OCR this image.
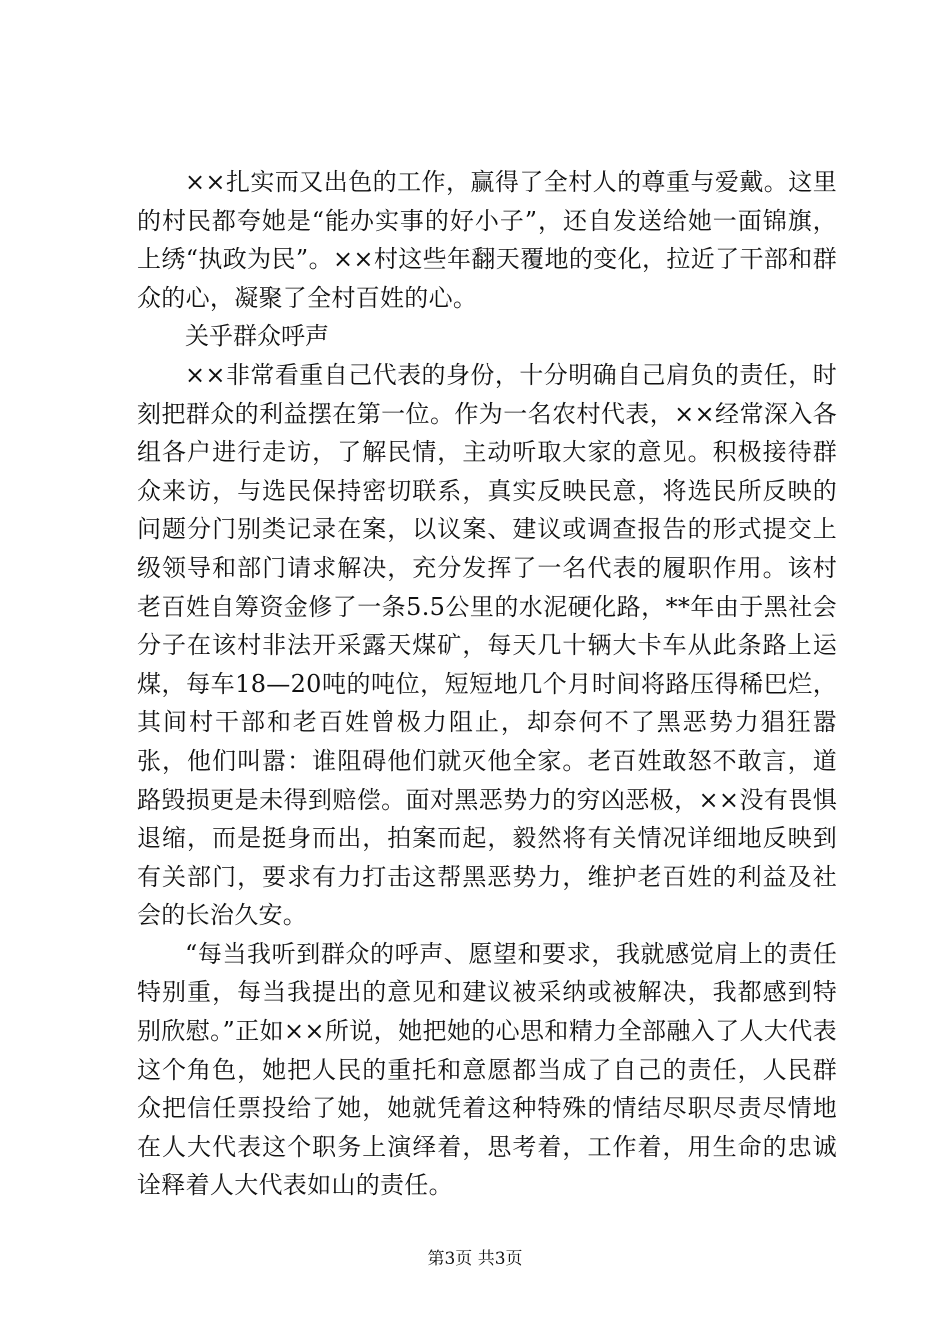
××扎实而又出色的工作，赢得了全村人的尊重与爱戴。这里的村民都夸她是“能办实事的好小子”，还自发送给她一面锦旗，上绣“执政为民”。××村这些年翻天覆地的变化，拉近了干部和群众的心，凝聚了全村百姓的心。

关乎群众呼声

××非常看重自己代表的身份，十分明确自己肩负的责任，时刻把群众的利益摆在第一位。作为一名农村代表，××经常深入各组各户进行走访，了解民情，主动听取大家的意见。积极接待群众来访，与选民保持密切联系，真实反映民意，将选民所反映的问题分门别类记录在案，以议案、建议或调查报告的形式提交上级领导和部门请求解决，充分发挥了一名代表的履职作用。该村老百姓自筹资金修了一条5.5公里的水泥硬化路，**年由于黑社会分子在该村非法开采露天煤矿，每天几十辆大卡车从此条路上运煤，每车18—20吨的吨位，短短地几个月时间将路压得稀巴烂，其间村干部和老百姓曾极力阻止，却奈何不了黑恶势力猖狂嚣张，他们叫嚣：谁阻碍他们就灭他全家。老百姓敢怒不敢言，道路毁损更是未得到赔偿。面对黑恶势力的穷凶恶极，××没有畏惧退缩，而是挺身而出，拍案而起，毅然将有关情况详细地反映到有关部门，要求有力打击这帮黑恶势力，维护老百姓的利益及社会的长治久安。

“每当我听到群众的呼声、愿望和要求，我就感觉肩上的责任特别重，每当我提出的意见和建议被采纳或被解决，我都感到特别欣慰。”正如××所说，她把她的心思和精力全部融入了人大代表这个角色，她把人民的重托和意愿都当成了自己的责任，人民群众把信任票投给了她，她就凭着这种特殊的情结尽职尽责尽情地在人大代表这个职务上演绎着，思考着，工作着，用生命的忠诚诠释着人大代表如山的责任。

第3页 共3页
